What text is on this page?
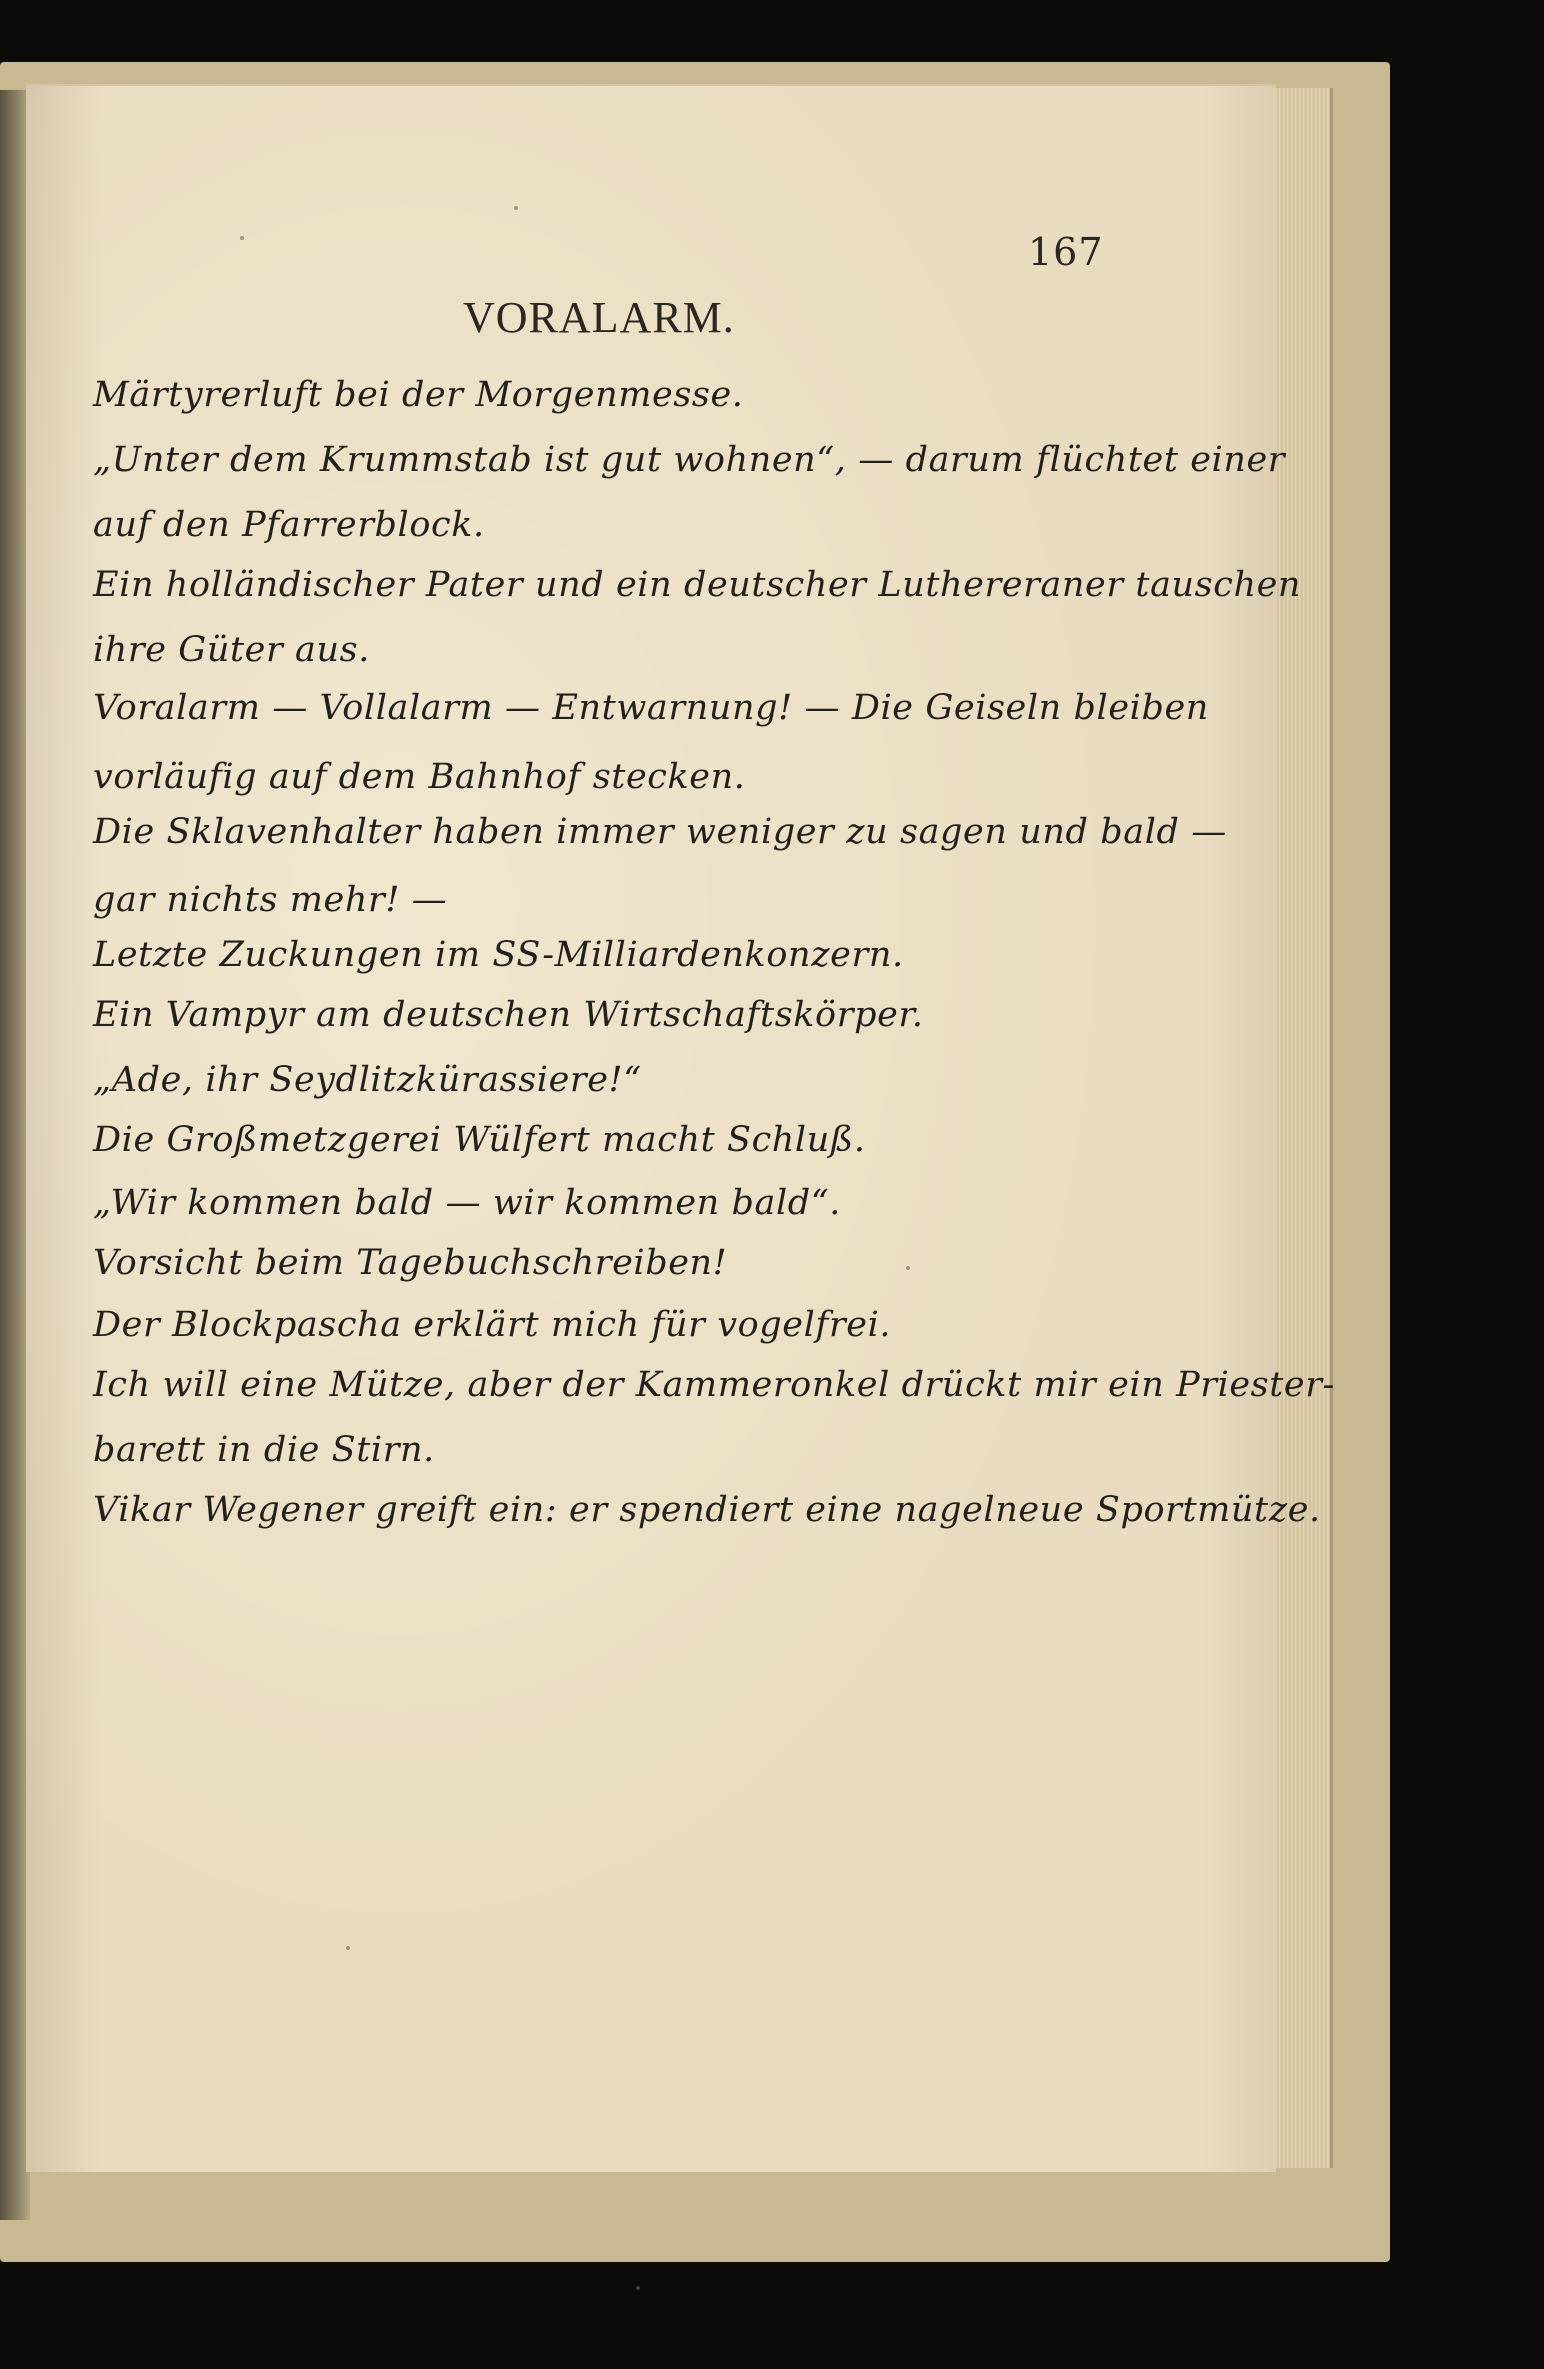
167
VORALARM.
Märtyrerluft bei der Morgenmesse.
„Unter dem Krummstab ist gut wohnen“, — darum flüchtet einer
auf den Pfarrerblock.
Ein holländischer Pater und ein deutscher Luthereraner tauschen
ihre Güter aus.
Voralarm — Vollalarm — Entwarnung! — Die Geiseln bleiben
vorläufig auf dem Bahnhof stecken.
Die Sklavenhalter haben immer weniger zu sagen und bald —
gar nichts mehr! —
Letzte Zuckungen im SS-Milliardenkonzern.
Ein Vampyr am deutschen Wirtschaftskörper.
„Ade, ihr Seydlitzkürassiere!“
Die Großmetzgerei Wülfert macht Schluß.
„Wir kommen bald — wir kommen bald“.
Vorsicht beim Tagebuchschreiben!
Der Blockpascha erklärt mich für vogelfrei.
Ich will eine Mütze, aber der Kammeronkel drückt mir ein Priester-
barett in die Stirn.
Vikar Wegener greift ein: er spendiert eine nagelneue Sportmütze.
